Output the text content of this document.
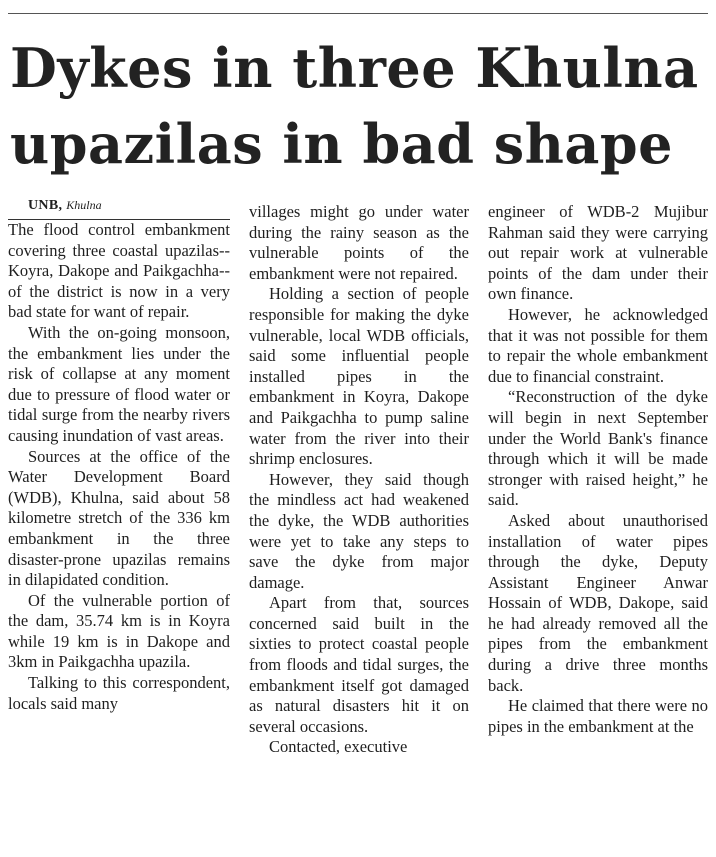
Dykes in three Khulna
upazilas in bad shape

UNB, Khulna

The flood control embankment covering three coastal upazilas--Koyra, Dakope and Paikgachha--of the district is now in a very bad state for want of repair.

With the on-going monsoon, the embankment lies under the risk of collapse at any moment due to pressure of flood water or tidal surge from the nearby rivers causing inundation of vast areas.

Sources at the office of the Water Development Board (WDB), Khulna, said about 58 kilometre stretch of the 336 km embankment in the three disaster-prone upazilas remains in dilapidated condition.

Of the vulnerable portion of the dam, 35.74 km is in Koyra while 19 km is in Dakope and 3km in Paikgachha upazila.

Talking to this correspondent, locals said many

villages might go under water during the rainy season as the vulnerable points of the embankment were not repaired.

Holding a section of people responsible for making the dyke vulnerable, local WDB officials, said some influential people installed pipes in the embankment in Koyra, Dakope and Paikgachha to pump saline water from the river into their shrimp enclosures.

However, they said though the mindless act had weakened the dyke, the WDB authorities were yet to take any steps to save the dyke from major damage.

Apart from that, sources concerned said built in the sixties to protect coastal people from floods and tidal surges, the embankment itself got damaged as natural disasters hit it on several occasions.

Contacted, executive

engineer of WDB-2 Mujibur Rahman said they were carrying out repair work at vulnerable points of the dam under their own finance.

However, he acknowledged that it was not possible for them to repair the whole embankment due to financial constraint.

“Reconstruction of the dyke will begin in next September under the World Bank's finance through which it will be made stronger with raised height,” he said.

Asked about unauthorised installation of water pipes through the dyke, Deputy Assistant Engineer Anwar Hossain of WDB, Dakope, said he had already removed all the pipes from the embankment during a drive three months back.

He claimed that there were no pipes in the embankment at the
